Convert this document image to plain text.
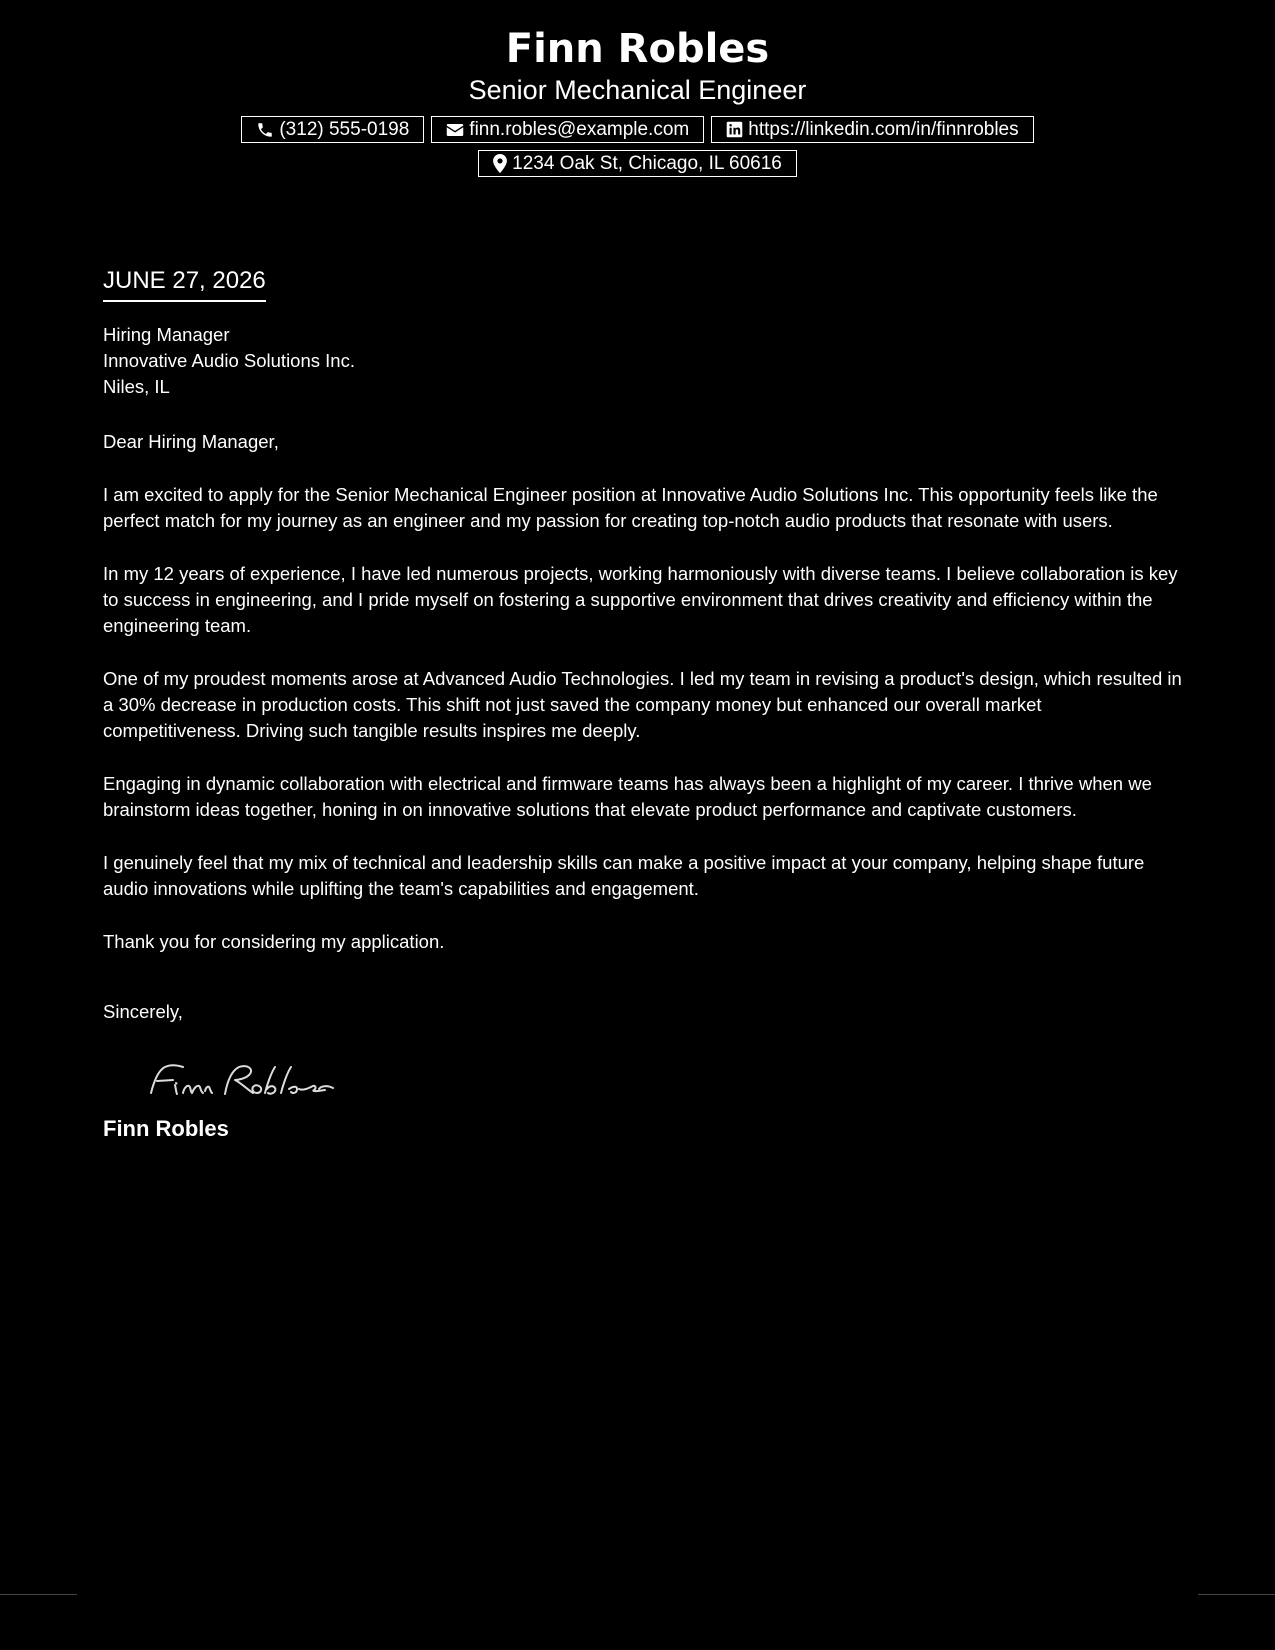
Finn Robles
Senior Mechanical Engineer
(312) 555-0198	finn.robles@example.com	https://linkedin.com/in/finnrobles
1234 Oak St, Chicago, IL 60616
JUNE 27, 2026
Hiring Manager
Innovative Audio Solutions Inc.
Niles, IL
Dear Hiring Manager,
I am excited to apply for the Senior Mechanical Engineer position at Innovative Audio Solutions Inc. This opportunity feels like the perfect match for my journey as an engineer and my passion for creating top-notch audio products that resonate with users.
In my 12 years of experience, I have led numerous projects, working harmoniously with diverse teams. I believe collaboration is key to success in engineering, and I pride myself on fostering a supportive environment that drives creativity and efficiency within the engineering team.
One of my proudest moments arose at Advanced Audio Technologies. I led my team in revising a product's design, which resulted in a 30% decrease in production costs. This shift not just saved the company money but enhanced our overall market competitiveness. Driving such tangible results inspires me deeply.
Engaging in dynamic collaboration with electrical and firmware teams has always been a highlight of my career. I thrive when we brainstorm ideas together, honing in on innovative solutions that elevate product performance and captivate customers.
I genuinely feel that my mix of technical and leadership skills can make a positive impact at your company, helping shape future audio innovations while uplifting the team's capabilities and engagement.
Thank you for considering my application.
Sincerely,
Finn Robles
